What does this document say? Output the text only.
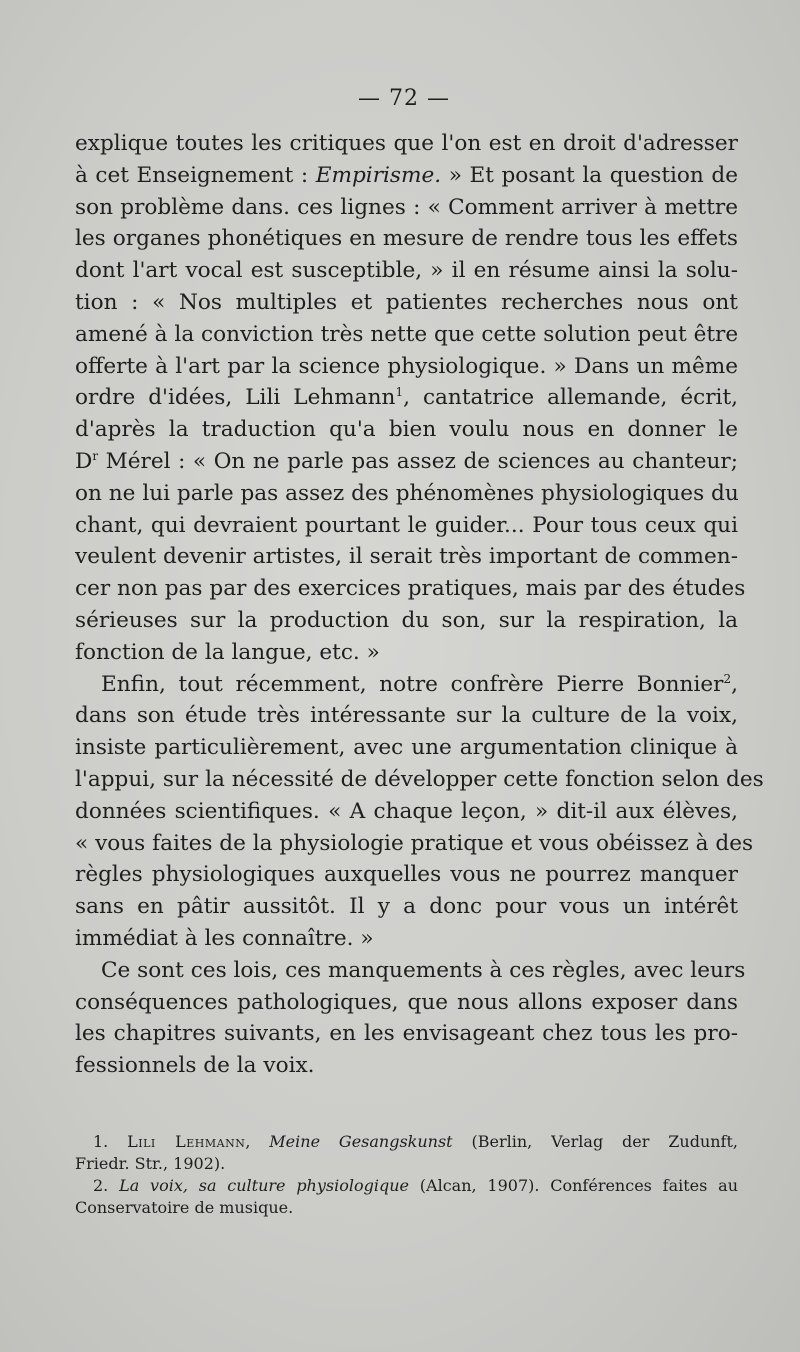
— 72 —
explique toutes les critiques que l'on est en droit d'adresser
à cet Enseignement : Empirisme. » Et posant la question de
son problème dans. ces lignes : « Comment arriver à mettre
les organes phonétiques en mesure de rendre tous les effets
dont l'art vocal est susceptible, » il en résume ainsi la solu-
tion : « Nos multiples et patientes recherches nous ont
amené à la conviction très nette que cette solution peut être
offerte à l'art par la science physiologique. » Dans un même
ordre d'idées, Lili Lehmann$^1$, cantatrice allemande, écrit,
d'après la traduction qu'a bien voulu nous en donner le
$D^r$ Mérel : « On ne parle pas assez de sciences au chanteur;
on ne lui parle pas assez des phénomènes physiologiques du
chant, qui devraient pourtant le guider... Pour tous ceux qui
veulent devenir artistes, il serait très important de commen-
cer non pas par des exercices pratiques, mais par des études
sérieuses sur la production du son, sur la respiration, la
fonction de la langue, etc. »
Enfin, tout récemment, notre confrère Pierre Bonnier$^2$,
dans son étude très intéressante sur la culture de la voix,
insiste particulièrement, avec une argumentation clinique à
l'appui, sur la nécessité de développer cette fonction selon des
données scientifiques. « A chaque leçon, » dit-il aux élèves,
« vous faites de la physiologie pratique et vous obéissez à des
règles physiologiques auxquelles vous ne pourrez manquer
sans en pâtir aussitôt. Il y a donc pour vous un intérêt
immédiat à les connaître. »
Ce sont ces lois, ces manquements à ces règles, avec leurs
conséquences pathologiques, que nous allons exposer dans
les chapitres suivants, en les envisageant chez tous les pro-
fessionnels de la voix.
1. Lili Lehmann, Meine Gesangskunst (Berlin, Verlag der Zudunft,
Friedr. Str., 1902).
2. La voix, sa culture physiologique (Alcan, 1907). Conférences faites au
Conservatoire de musique.
